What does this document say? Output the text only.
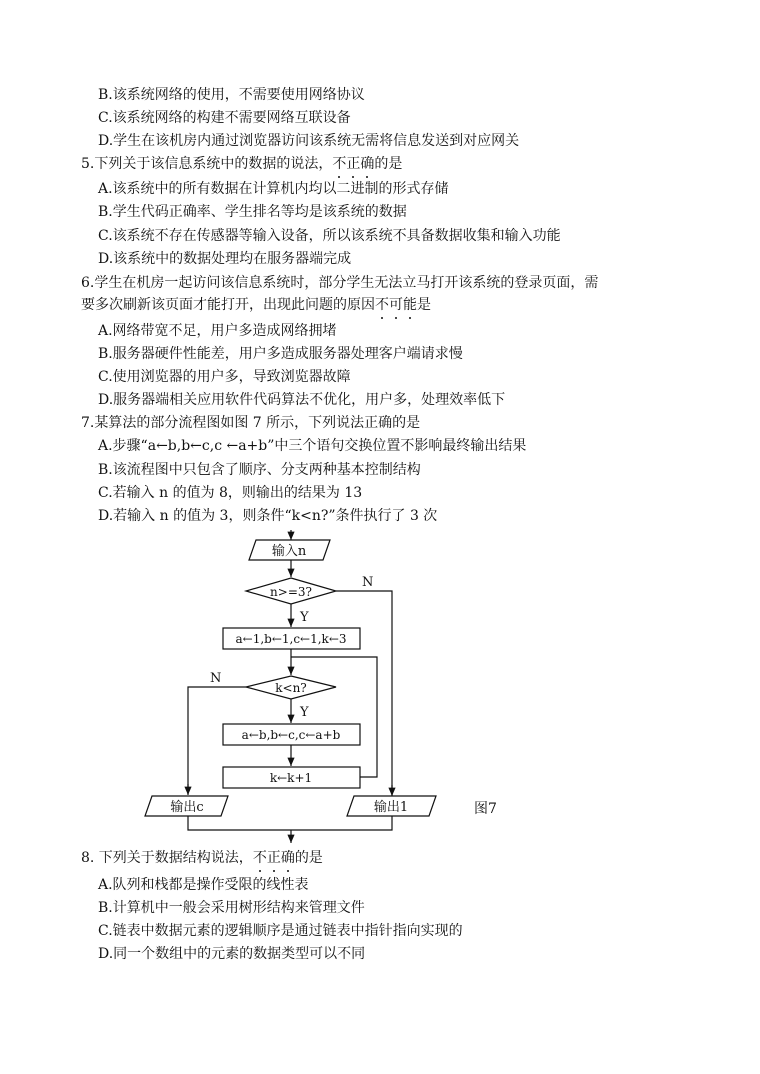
B.该系统网络的使用，不需要使用网络协议
C.该系统网络的构建不需要网络互联设备
D.学生在该机房内通过浏览器访问该系统无需将信息发送到对应网关
5.下列关于该信息系统中的数据的说法，不正确的是
A.该系统中的所有数据在计算机内均以二进制的形式存储
B.学生代码正确率、学生排名等均是该系统的数据
C.该系统不存在传感器等输入设备，所以该系统不具备数据收集和输入功能
D.该系统中的数据处理均在服务器端完成
6.学生在机房一起访问该信息系统时，部分学生无法立马打开该系统的登录页面，需
要多次刷新该页面才能打开，出现此问题的原因不可能是
A.网络带宽不足，用户多造成网络拥堵
B.服务器硬件性能差，用户多造成服务器处理客户端请求慢
C.使用浏览器的用户多，导致浏览器故障
D.服务器端相关应用软件代码算法不优化，用户多，处理效率低下
7.某算法的部分流程图如图 7 所示，下列说法正确的是
A.步骤“a←b,b←c,c ←a+b”中三个语句交换位置不影响最终输出结果
B.该流程图中只包含了顺序、分支两种基本控制结构
C.若输入 n 的值为 8，则输出的结果为 13
D.若输入 n 的值为 3，则条件“k<n?”条件执行了 3 次
输入n
n>=3?
N
Y
a←1,b←1,c←1,k←3
k<n?
N
Y
a←b,b←c,c←a+b
k←k+1
输出c	输出1	图7
8. 下列关于数据结构说法，不正确的是
A.队列和栈都是操作受限的线性表
B.计算机中一般会采用树形结构来管理文件
C.链表中数据元素的逻辑顺序是通过链表中指针指向实现的
D.同一个数组中的元素的数据类型可以不同
